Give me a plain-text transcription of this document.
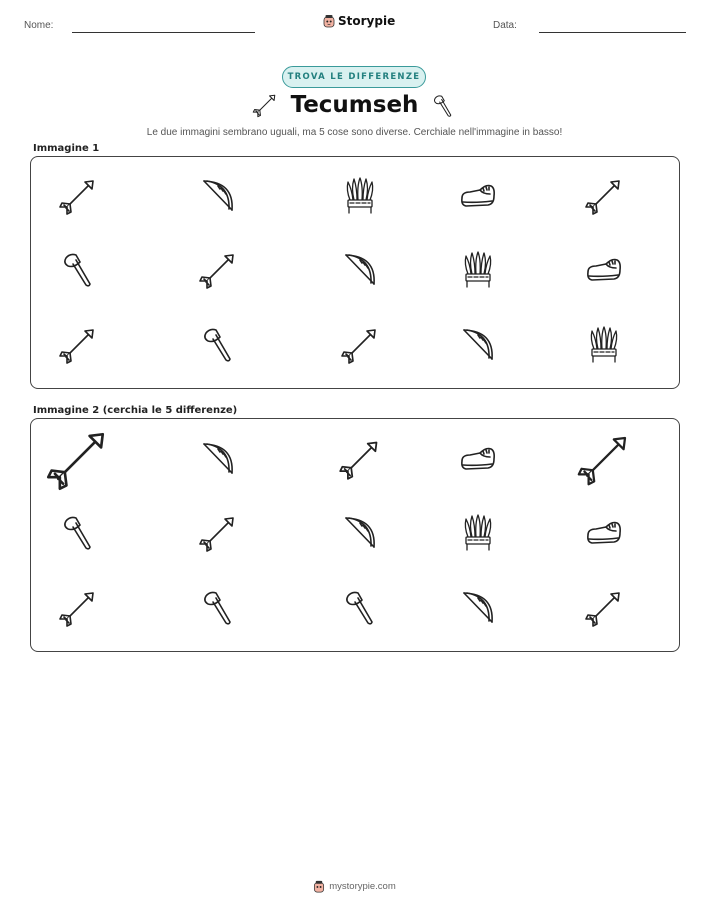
Nome:	Storypie	Data:
TROVA LE DIFFERENZE
Tecumseh
Le due immagini sembrano uguali, ma 5 cose sono diverse. Cerchiale nell'immagine in basso!
Immagine 1
Immagine 2 (cerchia le 5 differenze)
mystorypie.com
